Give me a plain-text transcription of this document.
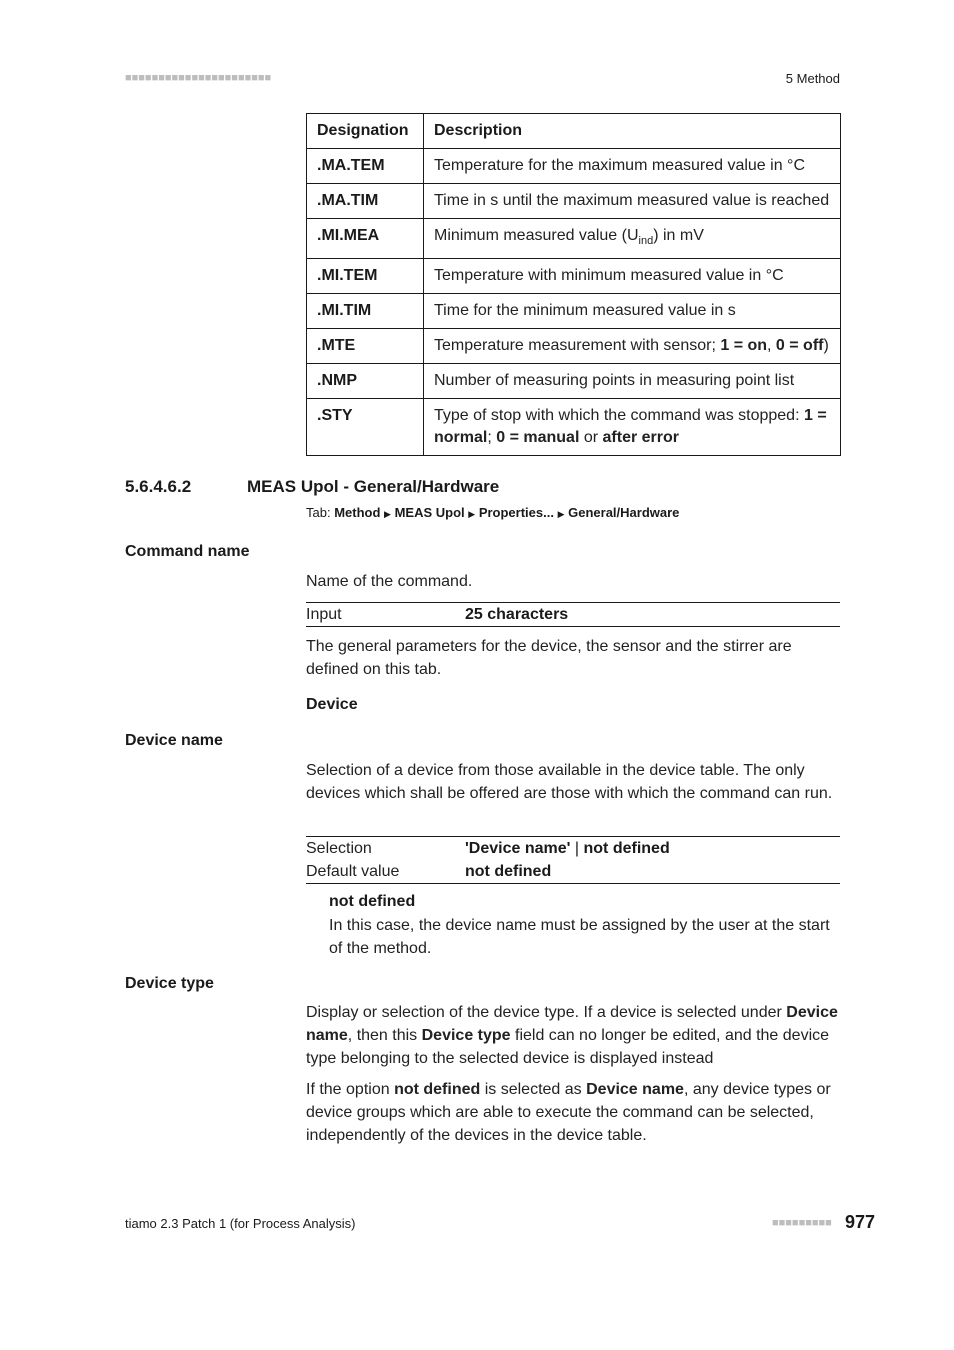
■■■■■■■■■■■■■■■■■■■■■■	5 Method
Designation	Description
.MA.TEM	Temperature for the maximum measured value in °C
.MA.TIM	Time in s until the maximum measured value is reached
.MI.MEA	Minimum measured value $(U_{ind})$ in mV
.MI.TEM	Temperature with minimum measured value in °C
.MI.TIM	Time for the minimum measured value in s
.MTE	Temperature measurement with sensor; 1 = on, 0 = off)
.NMP	Number of measuring points in measuring point list
.STY	Type of stop with which the command was stopped: 1 = normal; 0 = manual or after error
5.6.4.6.2	MEAS Upol - General/Hardware
Tab: Method ▶ MEAS Upol ▶ Properties... ▶ General/Hardware
Command name
Name of the command.
Input	25 characters
The general parameters for the device, the sensor and the stirrer are defined on this tab.
Device
Device name
Selection of a device from those available in the device table. The only devices which shall be offered are those with which the command can run.
Selection	'Device name' | not defined
Default value	not defined
not defined
In this case, the device name must be assigned by the user at the start of the method.
Device type
Display or selection of the device type. If a device is selected under Device name, then this Device type field can no longer be edited, and the device type belonging to the selected device is displayed instead
If the option not defined is selected as Device name, any device types or device groups which are able to execute the command can be selected, independently of the devices in the device table.
tiamo 2.3 Patch 1 (for Process Analysis)	■■■■■■■■■ 977
